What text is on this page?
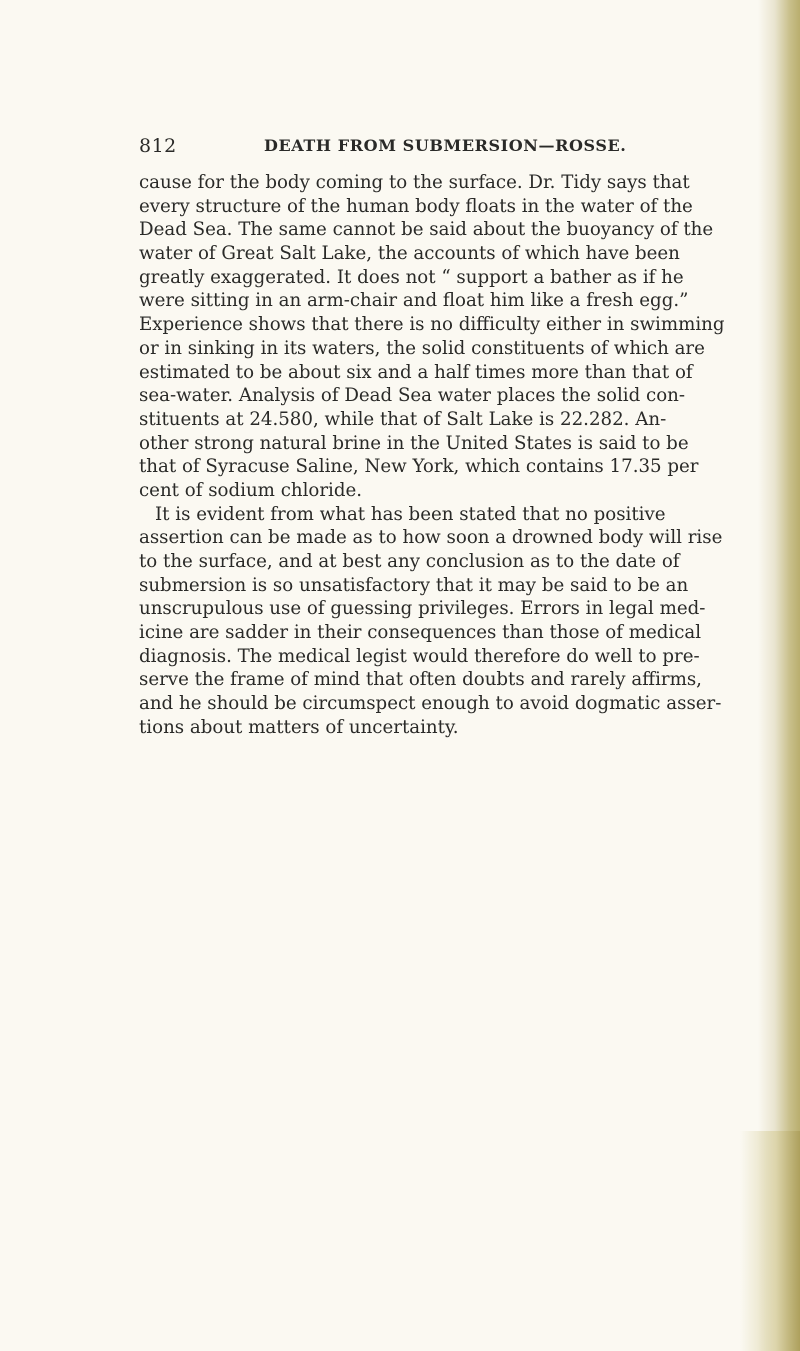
812	DEATH FROM SUBMERSION—ROSSE.
cause for the body coming to the surface. Dr. Tidy says that
every structure of the human body floats in the water of the
Dead Sea. The same cannot be said about the buoyancy of the
water of Great Salt Lake, the accounts of which have been
greatly exaggerated. It does not “ support a bather as if he
were sitting in an arm-chair and float him like a fresh egg.”
Experience shows that there is no difficulty either in swimming
or in sinking in its waters, the solid constituents of which are
estimated to be about six and a half times more than that of
sea-water. Analysis of Dead Sea water places the solid con-
stituents at 24.580, while that of Salt Lake is 22.282. An-
other strong natural brine in the United States is said to be
that of Syracuse Saline, New York, which contains 17.35 per
cent of sodium chloride.
It is evident from what has been stated that no positive
assertion can be made as to how soon a drowned body will rise
to the surface, and at best any conclusion as to the date of
submersion is so unsatisfactory that it may be said to be an
unscrupulous use of guessing privileges. Errors in legal med-
icine are sadder in their consequences than those of medical
diagnosis. The medical legist would therefore do well to pre-
serve the frame of mind that often doubts and rarely affirms,
and he should be circumspect enough to avoid dogmatic asser-
tions about matters of uncertainty.
